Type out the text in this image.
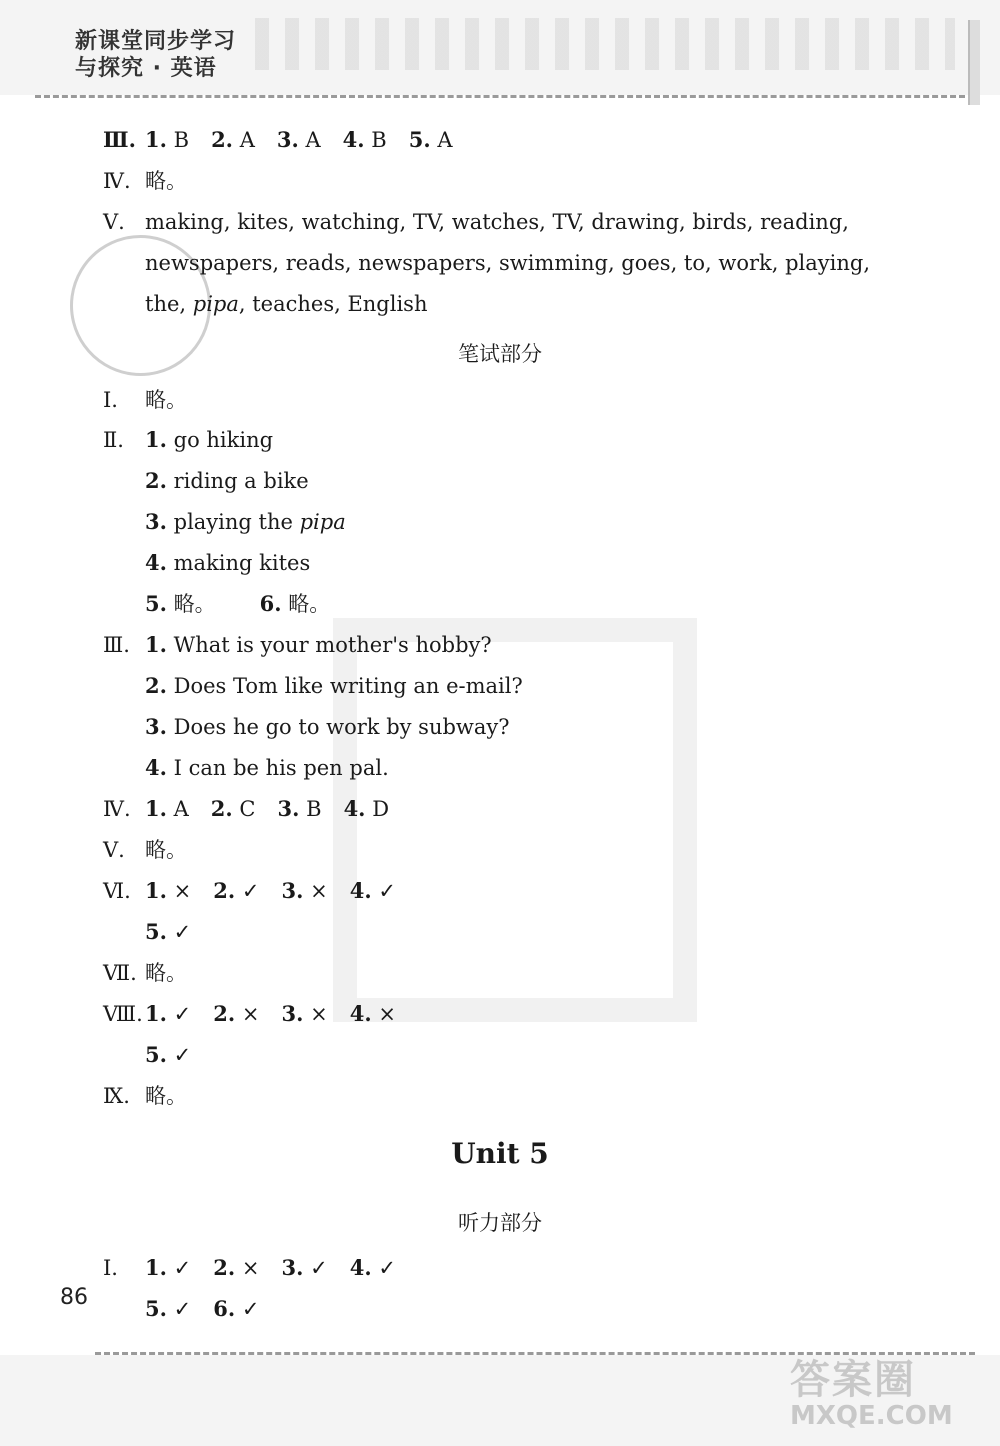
新课堂同步学习
与探究 · 英语
Ⅲ. 1. B 2. A 3. A 4. B 5. A
Ⅳ. 略。
Ⅴ. making, kites, watching, TV, watches, TV, drawing, birds, reading,
newspapers, reads, newspapers, swimming, goes, to, work, playing,
the, pipa, teaches, English
笔试部分
Ⅰ. 略。
Ⅱ. 1. go hiking
2. riding a bike
3. playing the pipa
4. making kites
5. 略。 6. 略。
Ⅲ. 1. What is your mother's hobby?
2. Does Tom like writing an e-mail?
3. Does he go to work by subway?
4. I can be his pen pal.
Ⅳ. 1. A 2. C 3. B 4. D
Ⅴ. 略。
Ⅵ. 1. × 2. ✓ 3. × 4. ✓
5. ✓
Ⅶ. 略。
Ⅷ. 1. ✓ 2. × 3. × 4. ×
5. ✓
Ⅸ. 略。
Unit 5
听力部分
Ⅰ. 1. ✓ 2. × 3. ✓ 4. ✓
5. ✓ 6. ✓
86
答案圈
MXQE.COM
